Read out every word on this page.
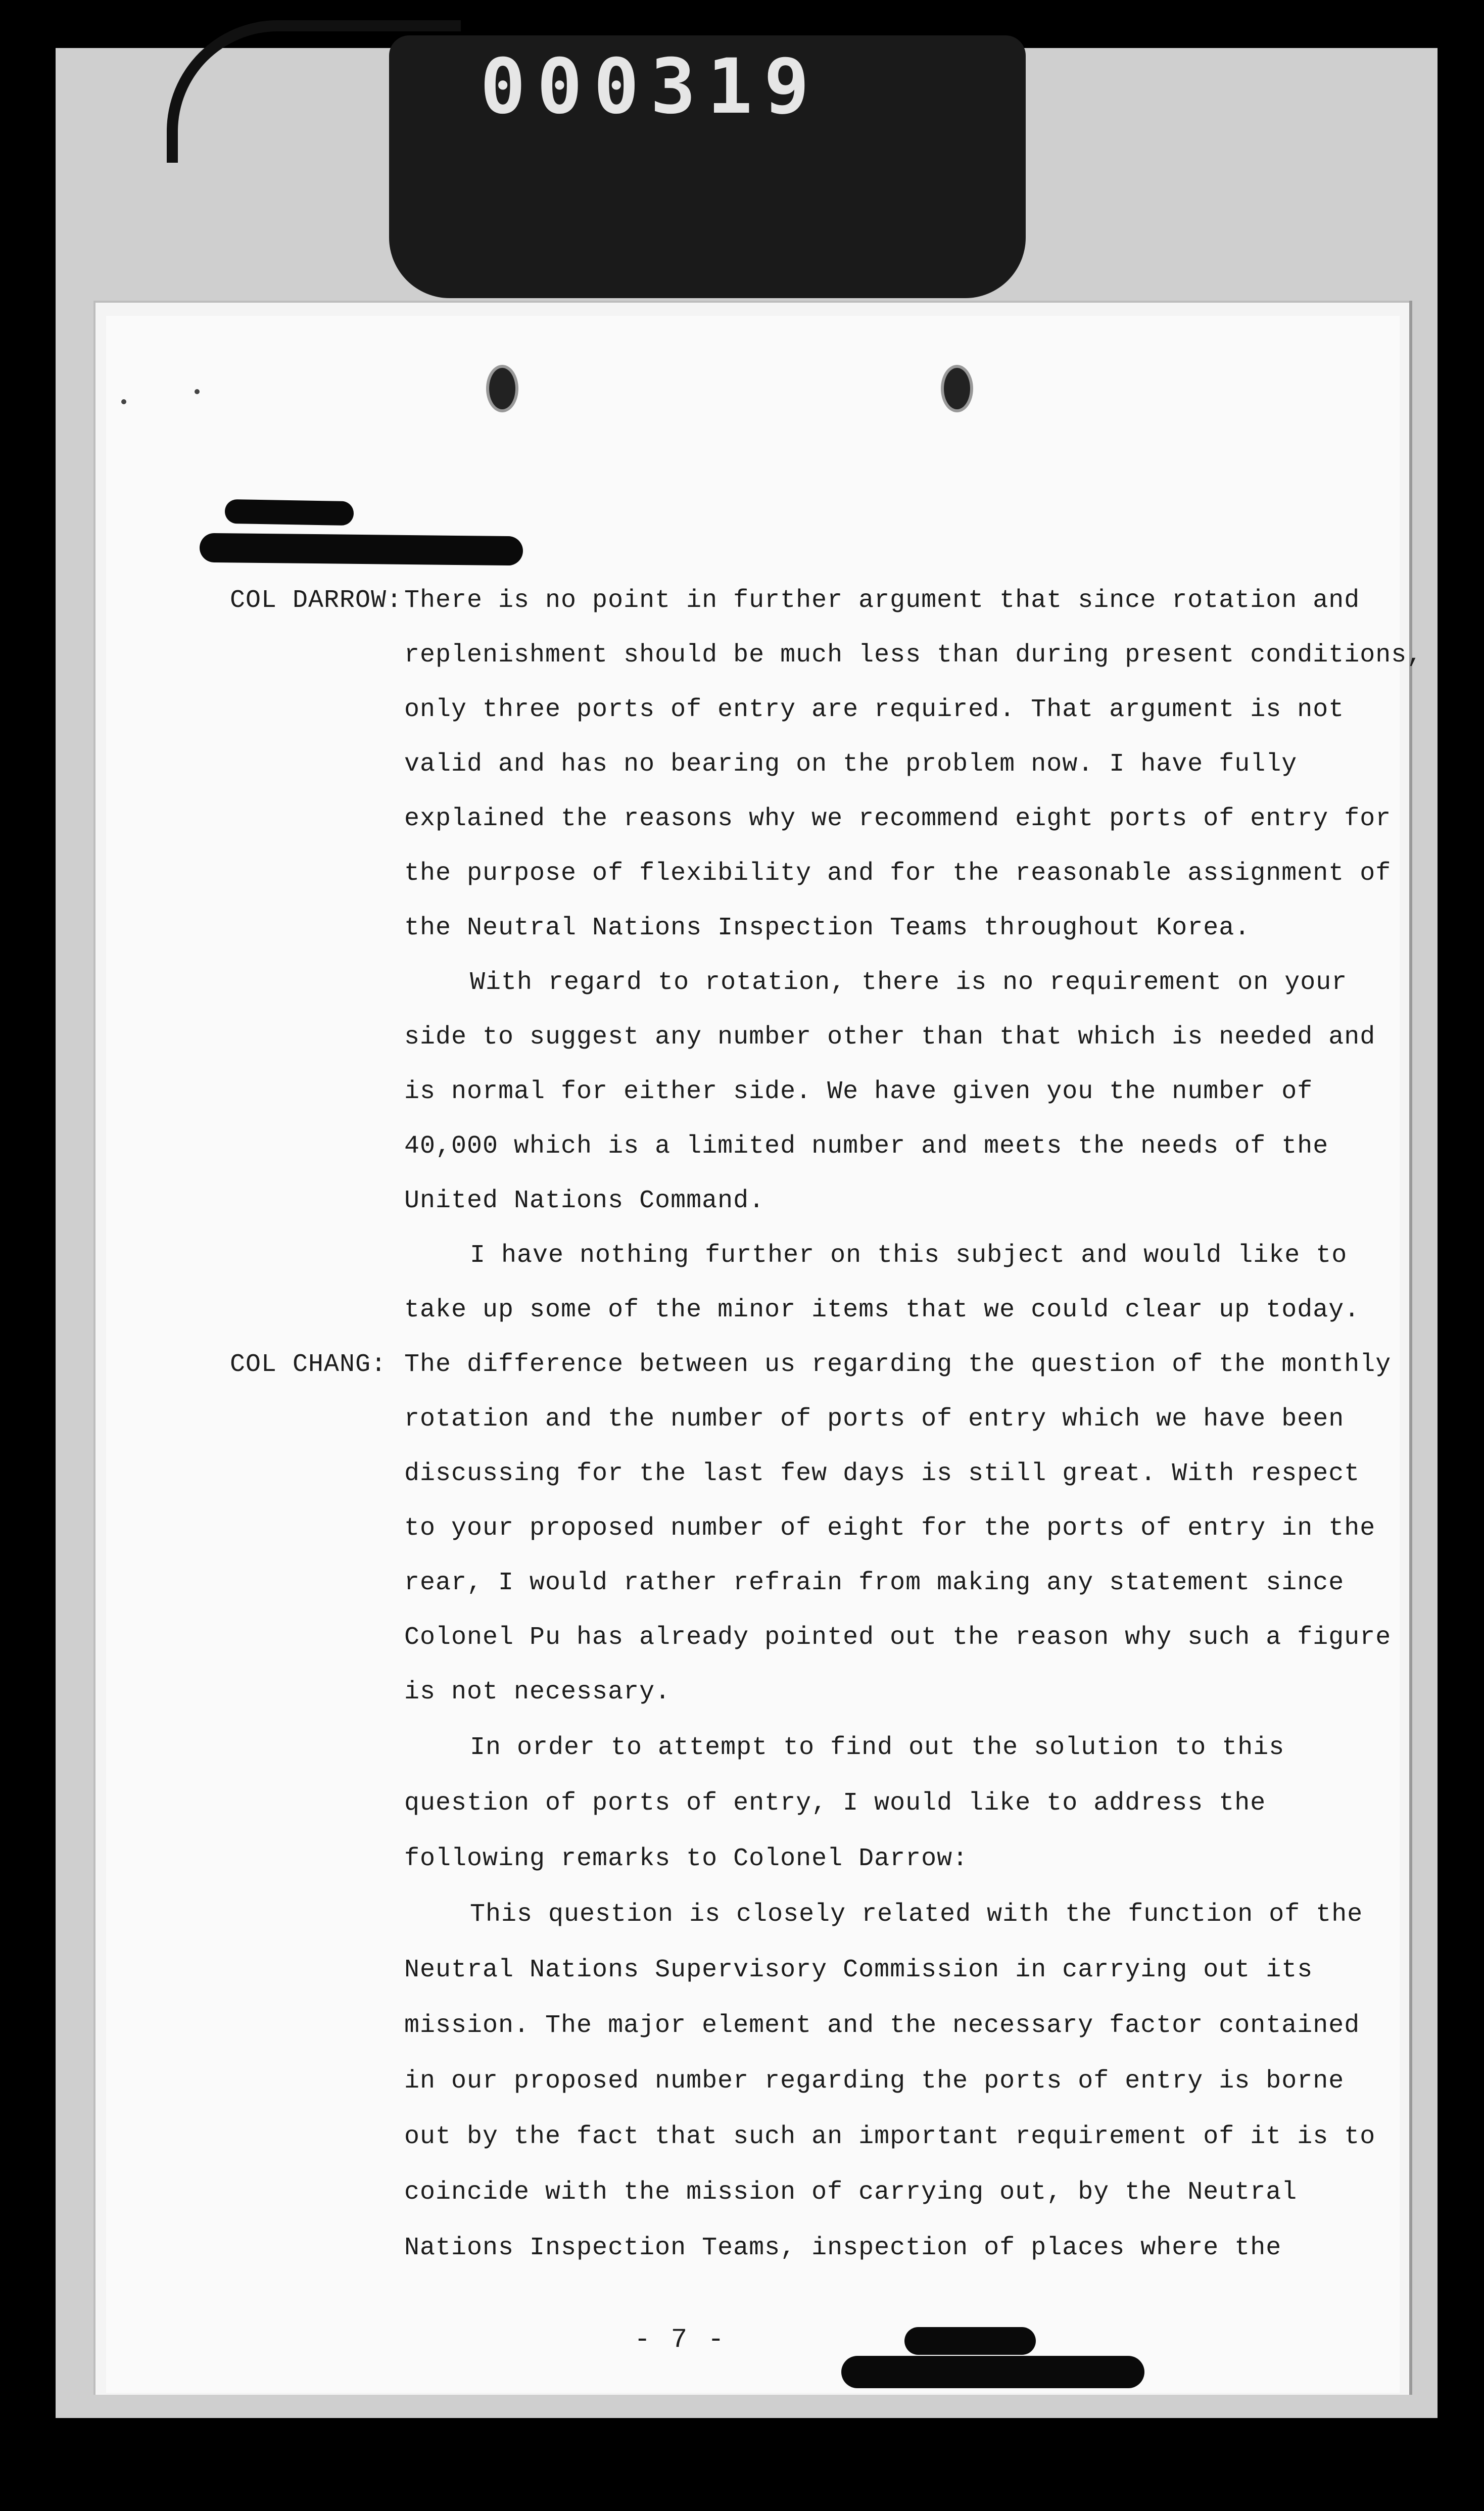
000319
COL DARROW: There is no point in further argument that since rotation and
replenishment should be much less than during present conditions,
only three ports of entry are required. That argument is not
valid and has no bearing on the problem now. I have fully
explained the reasons why we recommend eight ports of entry for
the purpose of flexibility and for the reasonable assignment of
the Neutral Nations Inspection Teams throughout Korea.
With regard to rotation, there is no requirement on your
side to suggest any number other than that which is needed and
is normal for either side. We have given you the number of
40,000 which is a limited number and meets the needs of the
United Nations Command.
I have nothing further on this subject and would like to
take up some of the minor items that we could clear up today.
COL CHANG: The difference between us regarding the question of the monthly
rotation and the number of ports of entry which we have been
discussing for the last few days is still great. With respect
to your proposed number of eight for the ports of entry in the
rear, I would rather refrain from making any statement since
Colonel Pu has already pointed out the reason why such a figure
is not necessary.
In order to attempt to find out the solution to this
question of ports of entry, I would like to address the
following remarks to Colonel Darrow:
This question is closely related with the function of the
Neutral Nations Supervisory Commission in carrying out its
mission. The major element and the necessary factor contained
in our proposed number regarding the ports of entry is borne
out by the fact that such an important requirement of it is to
coincide with the mission of carrying out, by the Neutral
Nations Inspection Teams, inspection of places where the
- 7 -
